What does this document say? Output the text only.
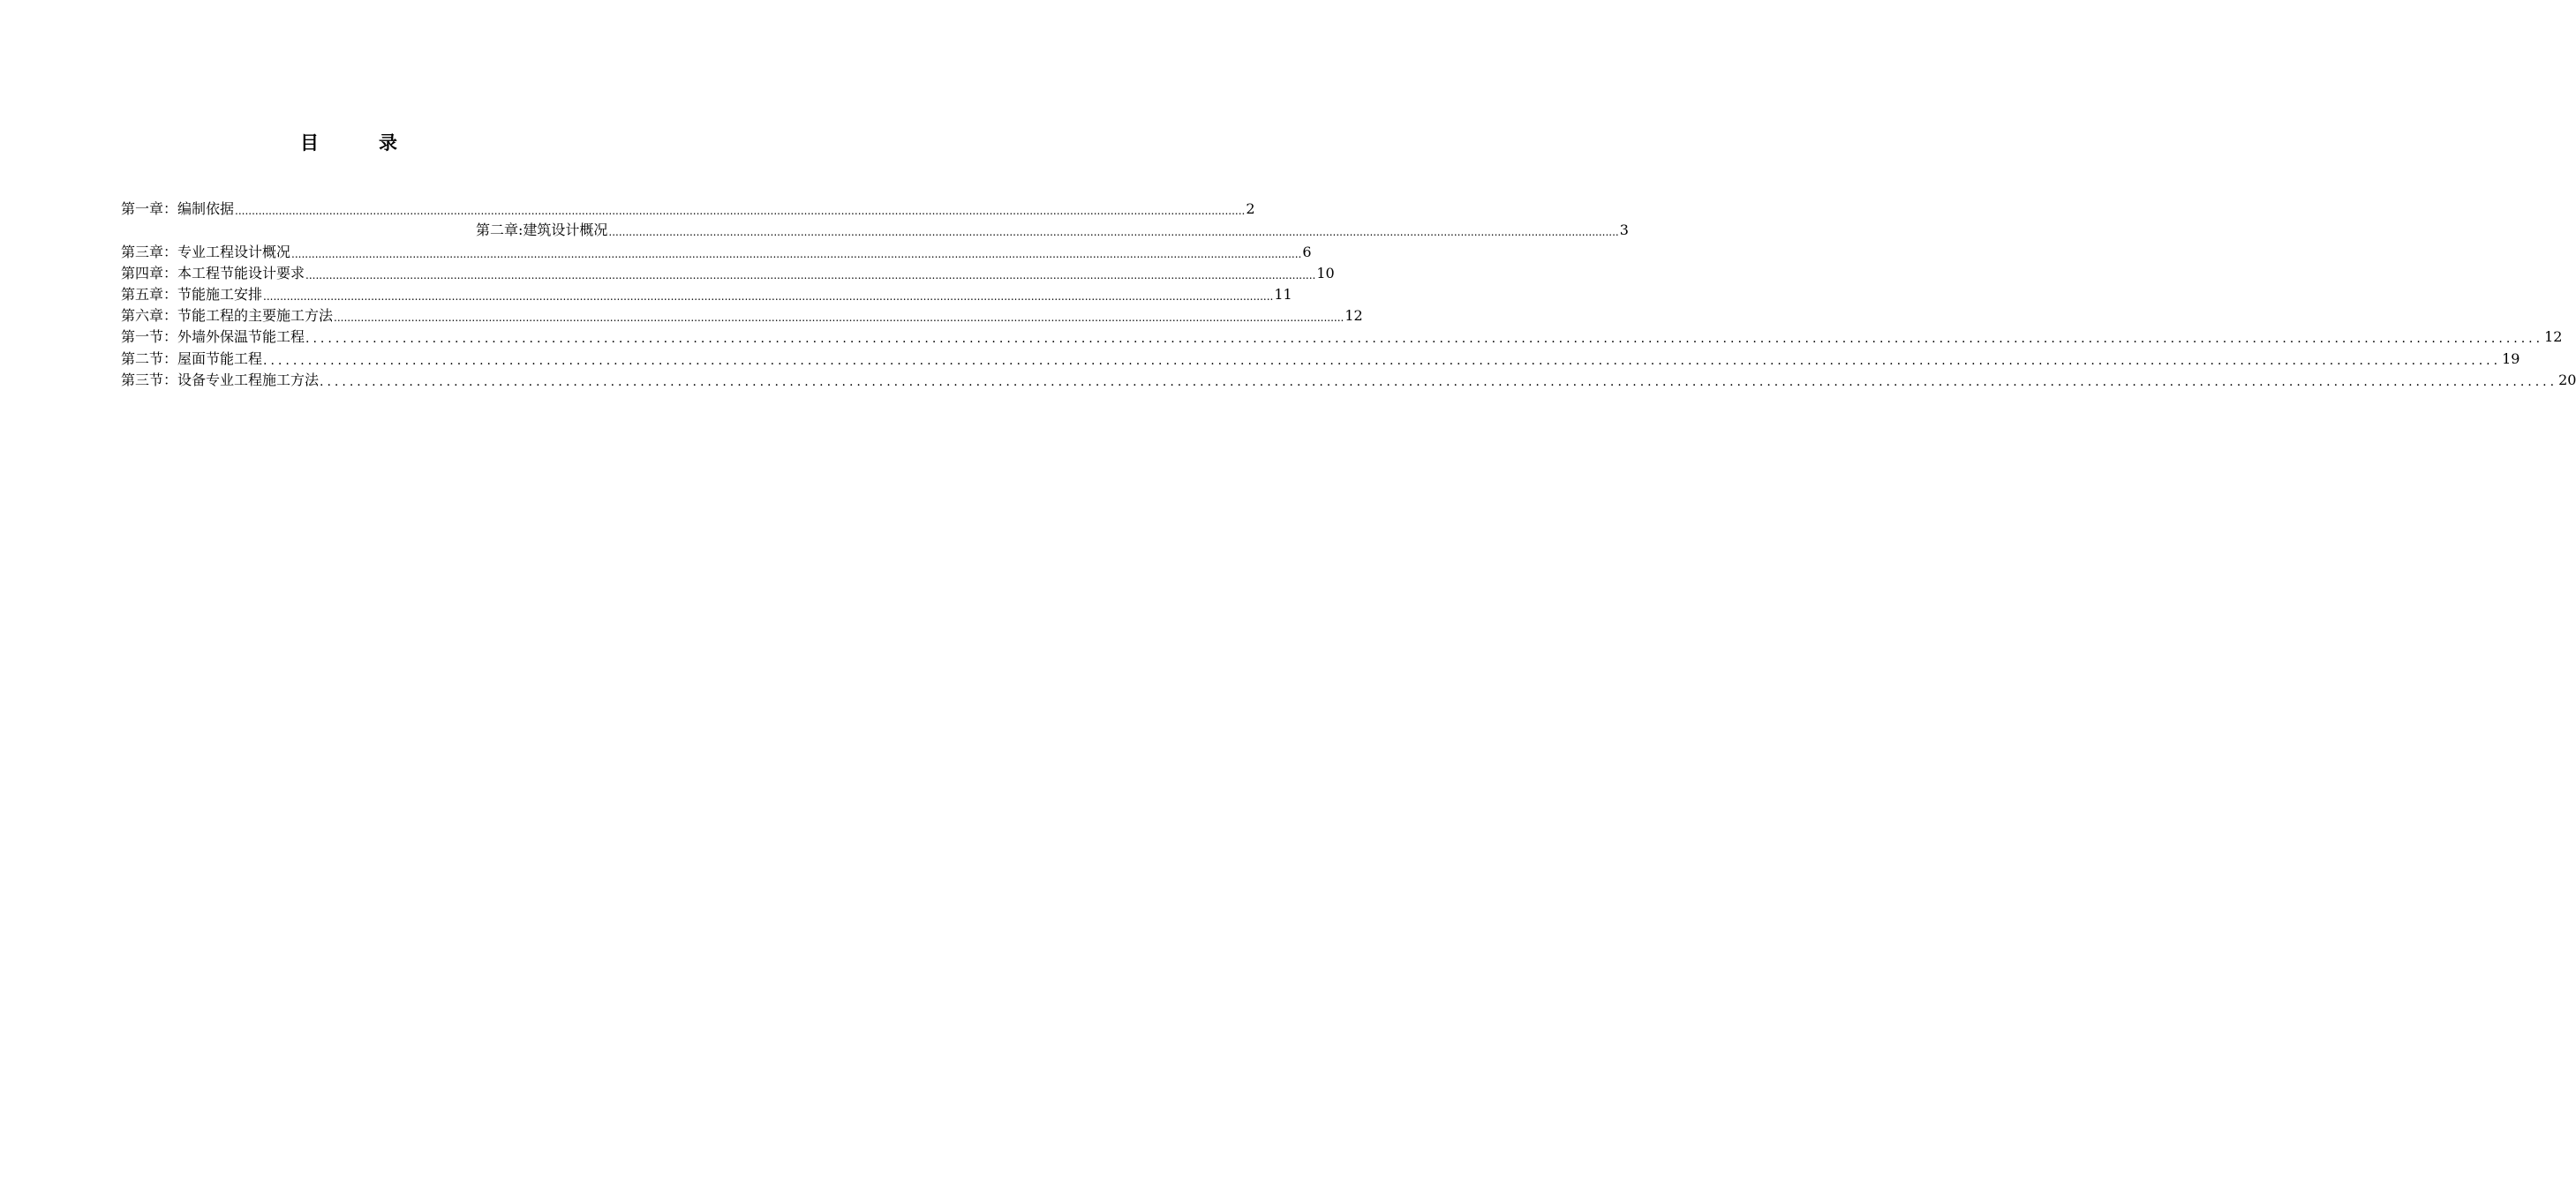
目	录
第一章：编制依据 ............................................................................................................................................................................................................................................................................................................ 2
第二章:建筑设计概况 ............................................................................................................................................................................................................................................................................................................ 3
第三章：专业工程设计概况 ............................................................................................................................................................................................................................................................................................................ 6
第四章：本工程节能设计要求 ............................................................................................................................................................................................................................................................................................................ 10
第五章：节能施工安排 ............................................................................................................................................................................................................................................................................................................ 11
第六章：节能工程的主要施工方法 ............................................................................................................................................................................................................................................................................................................ 12
第一节：外墙外保温节能工程 ............................................................................................................................................................................................................................................................................................................ 12
第二节：屋面节能工程 ............................................................................................................................................................................................................................................................................................................ 19
第三节：设备专业工程施工方法 ............................................................................................................................................................................................................................................................................................................ 20
